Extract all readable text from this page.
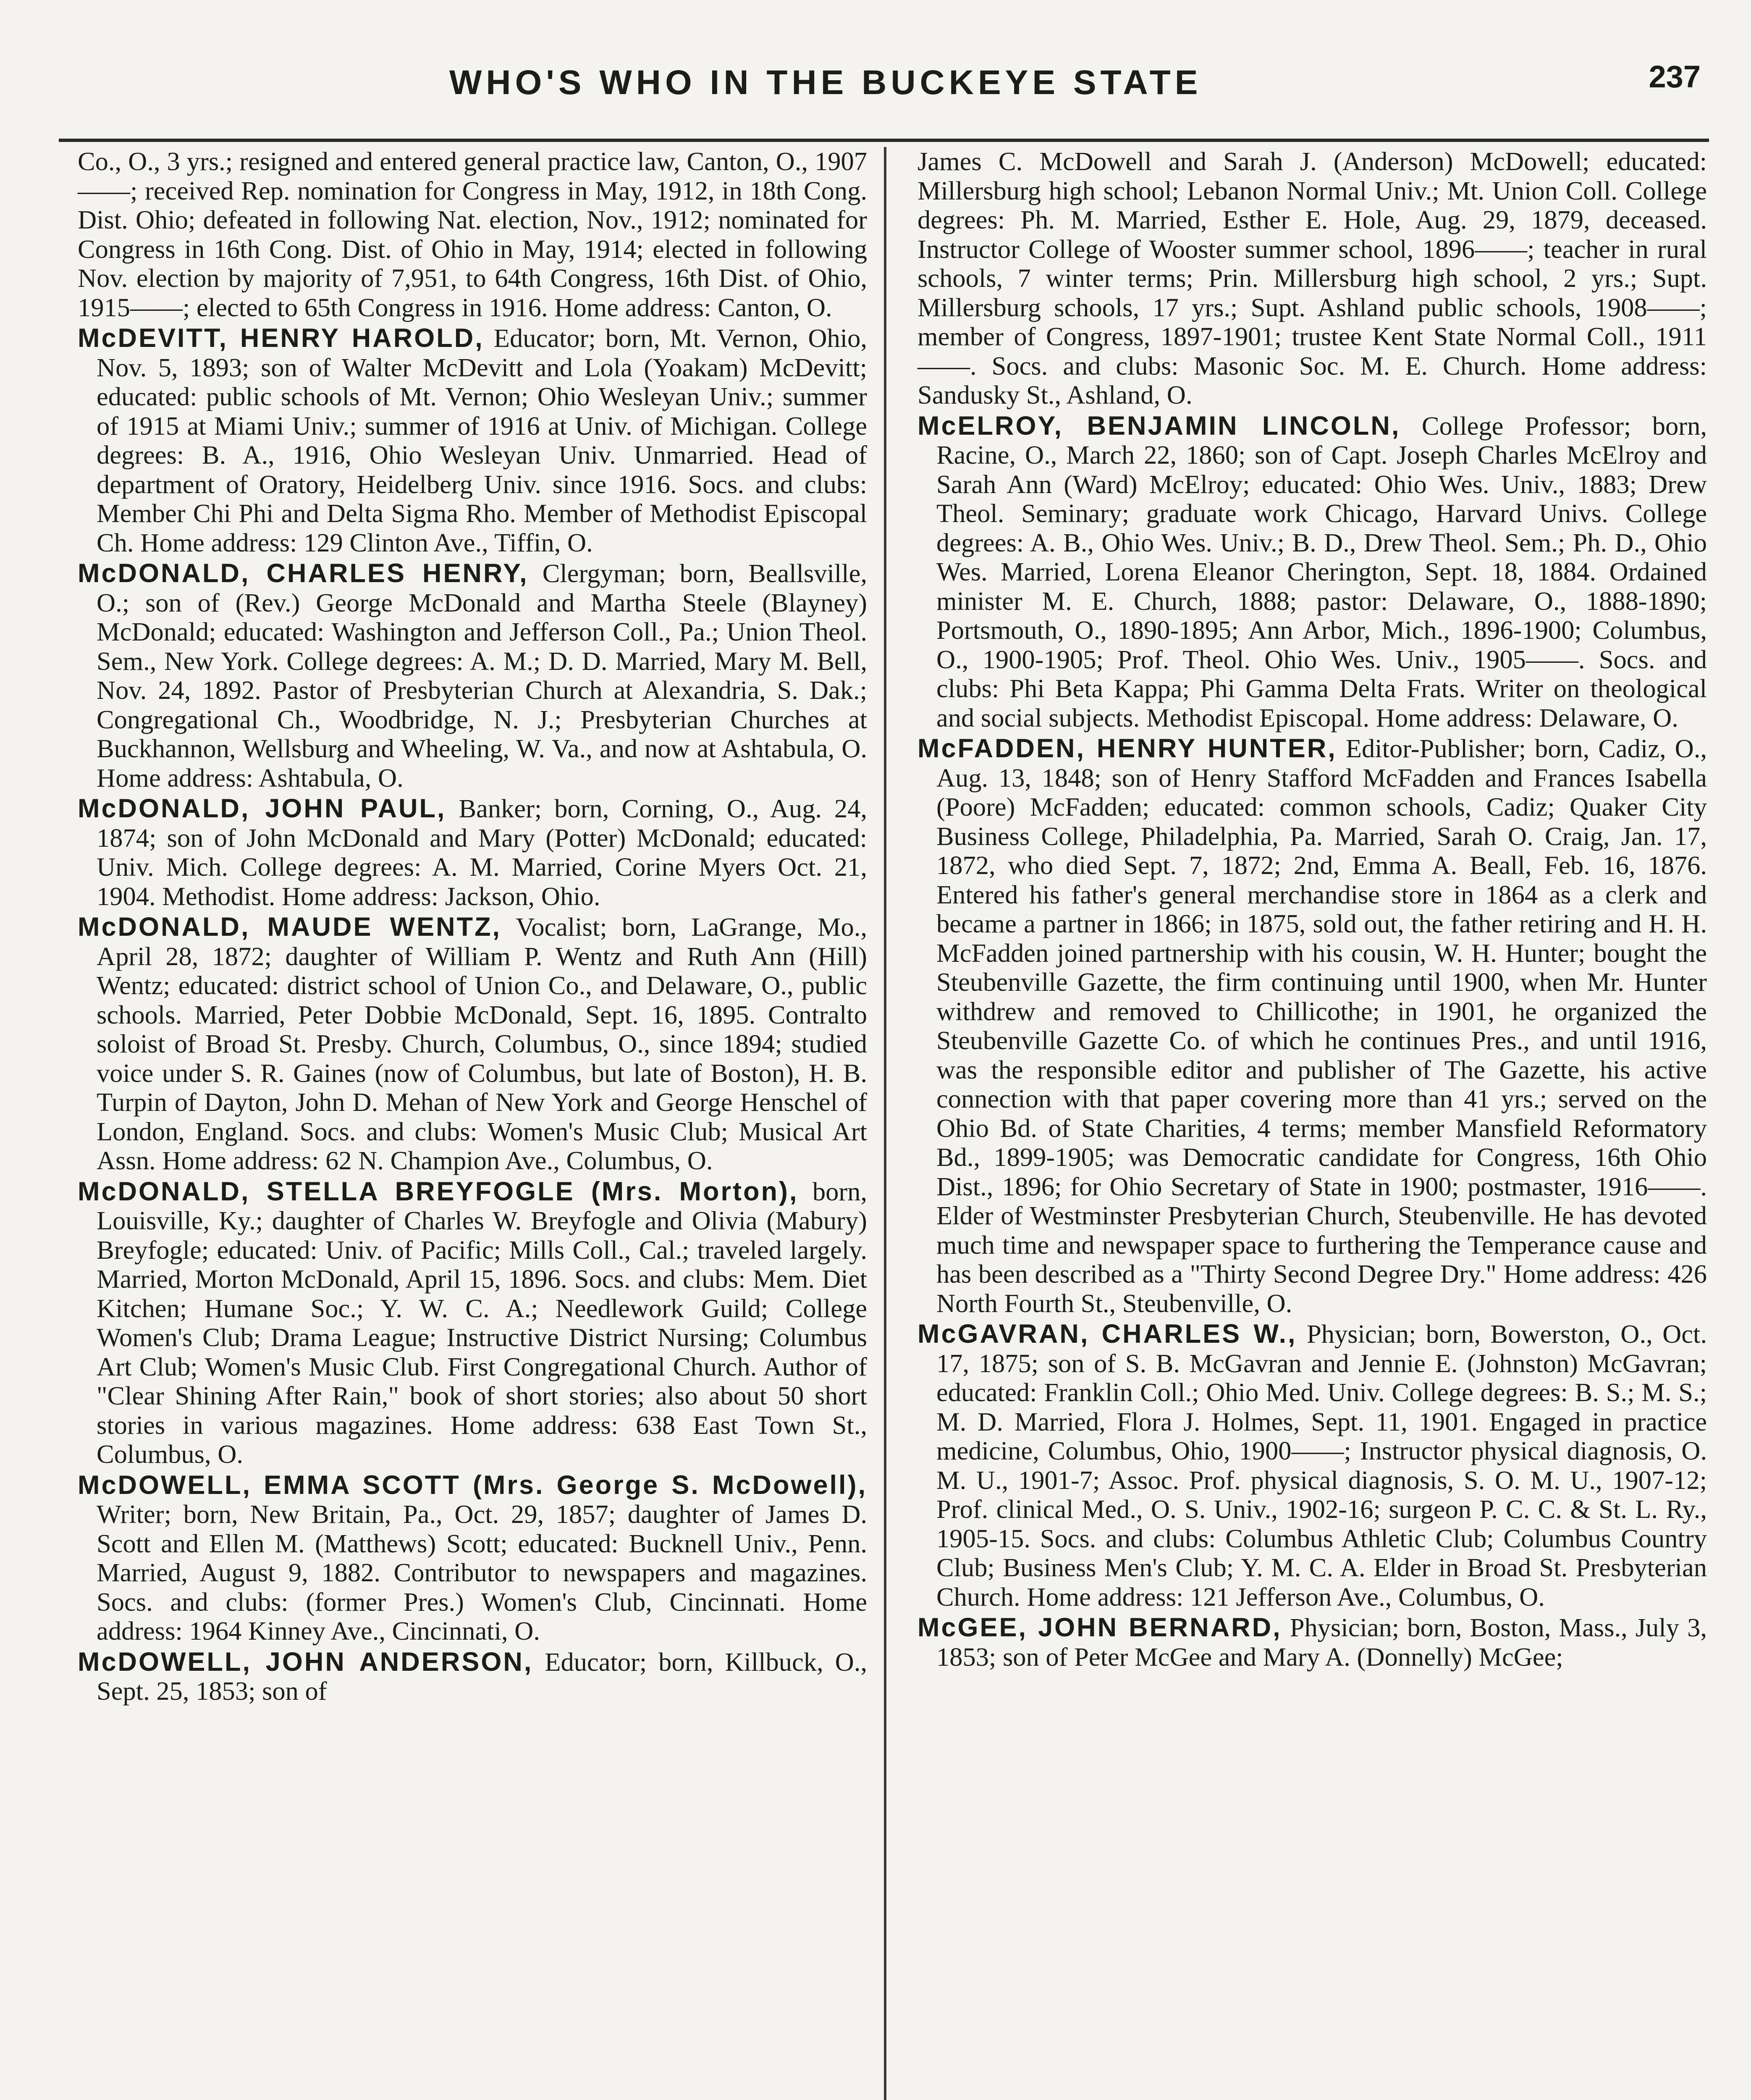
WHO'S WHO IN THE BUCKEYE STATE	237

Co., O., 3 yrs.; resigned and entered general practice law, Canton, O., 1907——; received Rep. nomination for Congress in May, 1912, in 18th Cong. Dist. Ohio; defeated in following Nat. election, Nov., 1912; nominated for Congress in 16th Cong. Dist. of Ohio in May, 1914; elected in following Nov. election by majority of 7,951, to 64th Congress, 16th Dist. of Ohio, 1915——; elected to 65th Congress in 1916. Home address: Canton, O.

McDEVITT, HENRY HAROLD, Educator; born, Mt. Vernon, Ohio, Nov. 5, 1893; son of Walter McDevitt and Lola (Yoakam) McDevitt; educated: public schools of Mt. Vernon; Ohio Wesleyan Univ.; summer of 1915 at Miami Univ.; summer of 1916 at Univ. of Michigan. College degrees: B. A., 1916, Ohio Wesleyan Univ. Unmarried. Head of department of Oratory, Heidelberg Univ. since 1916. Socs. and clubs: Member Chi Phi and Delta Sigma Rho. Member of Methodist Episcopal Ch. Home address: 129 Clinton Ave., Tiffin, O.

McDONALD, CHARLES HENRY, Clergyman; born, Beallsville, O.; son of (Rev.) George McDonald and Martha Steele (Blayney) McDonald; educated: Washington and Jefferson Coll., Pa.; Union Theol. Sem., New York. College degrees: A. M.; D. D. Married, Mary M. Bell, Nov. 24, 1892. Pastor of Presbyterian Church at Alexandria, S. Dak.; Congregational Ch., Woodbridge, N. J.; Presbyterian Churches at Buckhannon, Wellsburg and Wheeling, W. Va., and now at Ashtabula, O. Home address: Ashtabula, O.

McDONALD, JOHN PAUL, Banker; born, Corning, O., Aug. 24, 1874; son of John McDonald and Mary (Potter) McDonald; educated: Univ. Mich. College degrees: A. M. Married, Corine Myers Oct. 21, 1904. Methodist. Home address: Jackson, Ohio.

McDONALD, MAUDE WENTZ, Vocalist; born, LaGrange, Mo., April 28, 1872; daughter of William P. Wentz and Ruth Ann (Hill) Wentz; educated: district school of Union Co., and Delaware, O., public schools. Married, Peter Dobbie McDonald, Sept. 16, 1895. Contralto soloist of Broad St. Presby. Church, Columbus, O., since 1894; studied voice under S. R. Gaines (now of Columbus, but late of Boston), H. B. Turpin of Dayton, John D. Mehan of New York and George Henschel of London, England. Socs. and clubs: Women's Music Club; Musical Art Assn. Home address: 62 N. Champion Ave., Columbus, O.

McDONALD, STELLA BREYFOGLE (Mrs. Morton), born, Louisville, Ky.; daughter of Charles W. Breyfogle and Olivia (Mabury) Breyfogle; educated: Univ. of Pacific; Mills Coll., Cal.; traveled largely. Married, Morton McDonald, April 15, 1896. Socs. and clubs: Mem. Diet Kitchen; Humane Soc.; Y. W. C. A.; Needlework Guild; College Women's Club; Drama League; Instructive District Nursing; Columbus Art Club; Women's Music Club. First Congregational Church. Author of "Clear Shining After Rain," book of short stories; also about 50 short stories in various magazines. Home address: 638 East Town St., Columbus, O.

McDOWELL, EMMA SCOTT (Mrs. George S. McDowell), Writer; born, New Britain, Pa., Oct. 29, 1857; daughter of James D. Scott and Ellen M. (Matthews) Scott; educated: Bucknell Univ., Penn. Married, August 9, 1882. Contributor to newspapers and magazines. Socs. and clubs: (former Pres.) Women's Club, Cincinnati. Home address: 1964 Kinney Ave., Cincinnati, O.

McDOWELL, JOHN ANDERSON, Educator; born, Killbuck, O., Sept. 25, 1853; son of

James C. McDowell and Sarah J. (Anderson) McDowell; educated: Millersburg high school; Lebanon Normal Univ.; Mt. Union Coll. College degrees: Ph. M. Married, Esther E. Hole, Aug. 29, 1879, deceased. Instructor College of Wooster summer school, 1896——; teacher in rural schools, 7 winter terms; Prin. Millersburg high school, 2 yrs.; Supt. Millersburg schools, 17 yrs.; Supt. Ashland public schools, 1908——; member of Congress, 1897-1901; trustee Kent State Normal Coll., 1911——. Socs. and clubs: Masonic Soc. M. E. Church. Home address: Sandusky St., Ashland, O.

McELROY, BENJAMIN LINCOLN, College Professor; born, Racine, O., March 22, 1860; son of Capt. Joseph Charles McElroy and Sarah Ann (Ward) McElroy; educated: Ohio Wes. Univ., 1883; Drew Theol. Seminary; graduate work Chicago, Harvard Univs. College degrees: A. B., Ohio Wes. Univ.; B. D., Drew Theol. Sem.; Ph. D., Ohio Wes. Married, Lorena Eleanor Cherington, Sept. 18, 1884. Ordained minister M. E. Church, 1888; pastor: Delaware, O., 1888-1890; Portsmouth, O., 1890-1895; Ann Arbor, Mich., 1896-1900; Columbus, O., 1900-1905; Prof. Theol. Ohio Wes. Univ., 1905——. Socs. and clubs: Phi Beta Kappa; Phi Gamma Delta Frats. Writer on theological and social subjects. Methodist Episcopal. Home address: Delaware, O.

McFADDEN, HENRY HUNTER, Editor-Publisher; born, Cadiz, O., Aug. 13, 1848; son of Henry Stafford McFadden and Frances Isabella (Poore) McFadden; educated: common schools, Cadiz; Quaker City Business College, Philadelphia, Pa. Married, Sarah O. Craig, Jan. 17, 1872, who died Sept. 7, 1872; 2nd, Emma A. Beall, Feb. 16, 1876. Entered his father's general merchandise store in 1864 as a clerk and became a partner in 1866; in 1875, sold out, the father retiring and H. H. McFadden joined partnership with his cousin, W. H. Hunter; bought the Steubenville Gazette, the firm continuing until 1900, when Mr. Hunter withdrew and removed to Chillicothe; in 1901, he organized the Steubenville Gazette Co. of which he continues Pres., and until 1916, was the responsible editor and publisher of The Gazette, his active connection with that paper covering more than 41 yrs.; served on the Ohio Bd. of State Charities, 4 terms; member Mansfield Reformatory Bd., 1899-1905; was Democratic candidate for Congress, 16th Ohio Dist., 1896; for Ohio Secretary of State in 1900; postmaster, 1916——. Elder of Westminster Presbyterian Church, Steubenville. He has devoted much time and newspaper space to furthering the Temperance cause and has been described as a "Thirty Second Degree Dry." Home address: 426 North Fourth St., Steubenville, O.

McGAVRAN, CHARLES W., Physician; born, Bowerston, O., Oct. 17, 1875; son of S. B. McGavran and Jennie E. (Johnston) McGavran; educated: Franklin Coll.; Ohio Med. Univ. College degrees: B. S.; M. S.; M. D. Married, Flora J. Holmes, Sept. 11, 1901. Engaged in practice medicine, Columbus, Ohio, 1900——; Instructor physical diagnosis, O. M. U., 1901-7; Assoc. Prof. physical diagnosis, S. O. M. U., 1907-12; Prof. clinical Med., O. S. Univ., 1902-16; surgeon P. C. C. & St. L. Ry., 1905-15. Socs. and clubs: Columbus Athletic Club; Columbus Country Club; Business Men's Club; Y. M. C. A. Elder in Broad St. Presbyterian Church. Home address: 121 Jefferson Ave., Columbus, O.

McGEE, JOHN BERNARD, Physician; born, Boston, Mass., July 3, 1853; son of Peter McGee and Mary A. (Donnelly) McGee;
